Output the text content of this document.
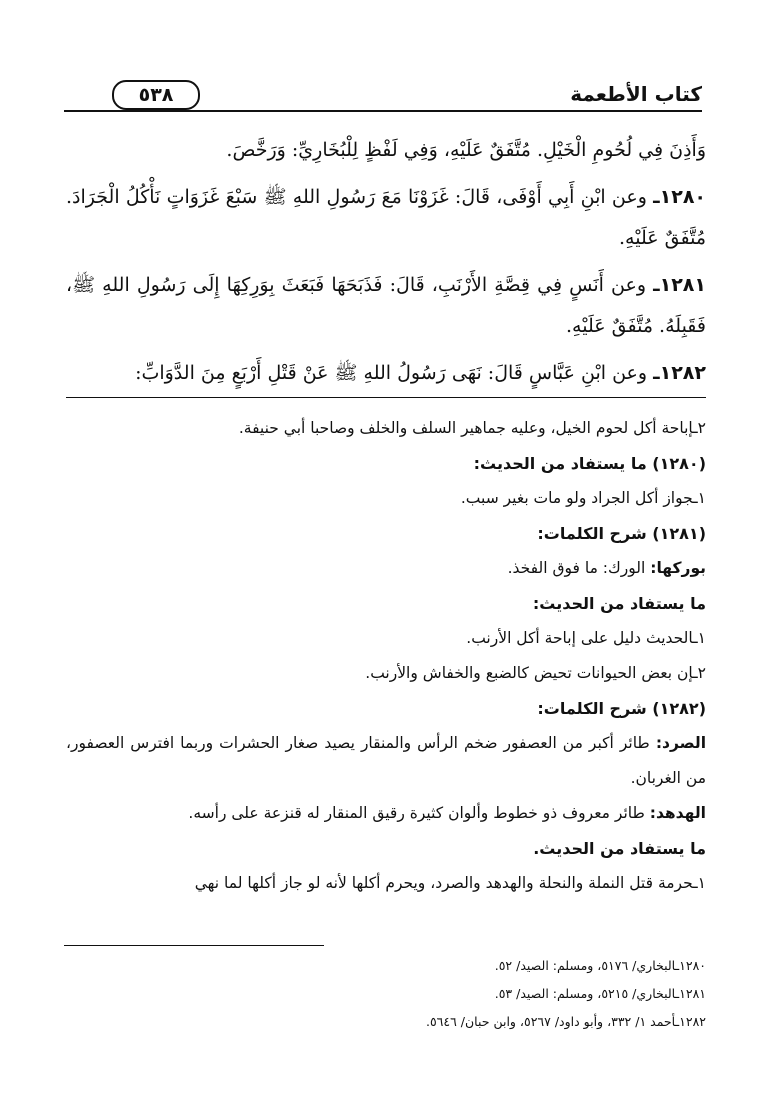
كتاب الأطعمة
٥٣٨

وَأَذِنَ فِي لُحُومِ الْخَيْلِ. مُتَّفَقٌ عَلَيْهِ، وَفِي لَفْظٍ لِلْبُخَارِيِّ: وَرَخَّصَ.

١٢٨٠ـ وعن ابْنِ أَبِي أَوْفَى، قَالَ: غَزَوْنَا مَعَ رَسُولِ اللهِ ﷺ سَبْعَ غَزَوَاتٍ نَأْكُلُ الْجَرَادَ. مُتَّفَقٌ عَلَيْهِ.

١٢٨١ـ وعن أَنَسٍ فِي قِصَّةِ الأَرْنَبِ، قَالَ: فَذَبَحَهَا فَبَعَثَ بِوَرِكِهَا إِلَى رَسُولِ اللهِ ﷺ، فَقَبِلَهُ. مُتَّفَقٌ عَلَيْهِ.

١٢٨٢ـ وعن ابْنِ عَبَّاسٍ قَالَ: نَهَى رَسُولُ اللهِ ﷺ عَنْ قَتْلِ أَرْبَعٍ مِنَ الدَّوَابِّ:

٢ـإباحة أكل لحوم الخيل، وعليه جماهير السلف والخلف وصاحبا أبي حنيفة.

(١٢٨٠) ما يستفاد من الحديث:

١ـجواز أكل الجراد ولو مات بغير سبب.

(١٢٨١) شرح الكلمات:

بوركها: الورك: ما فوق الفخذ.

ما يستفاد من الحديث:

١ـالحديث دليل على إباحة أكل الأرنب.

٢ـإن بعض الحيوانات تحيض كالضبع والخفاش والأرنب.

(١٢٨٢) شرح الكلمات:

الصرد: طائر أكبر من العصفور ضخم الرأس والمنقار يصيد صغار الحشرات وربما افترس العصفور، من الغربان.

الهدهد: طائر معروف ذو خطوط وألوان كثيرة رقيق المنقار له قنزعة على رأسه.

ما يستفاد من الحديث.

١ـحرمة قتل النملة والنحلة والهدهد والصرد، ويحرم أكلها لأنه لو جاز أكلها لما نهي

١٢٨٠ـالبخاري/ ٥١٧٦، ومسلم: الصيد/ ٥٢.

١٢٨١ـالبخاري/ ٥٢١٥، ومسلم: الصيد/ ٥٣.

١٢٨٢ـأحمد ١/ ٣٣٢، وأبو داود/ ٥٢٦٧، وابن حبان/ ٥٦٤٦.
